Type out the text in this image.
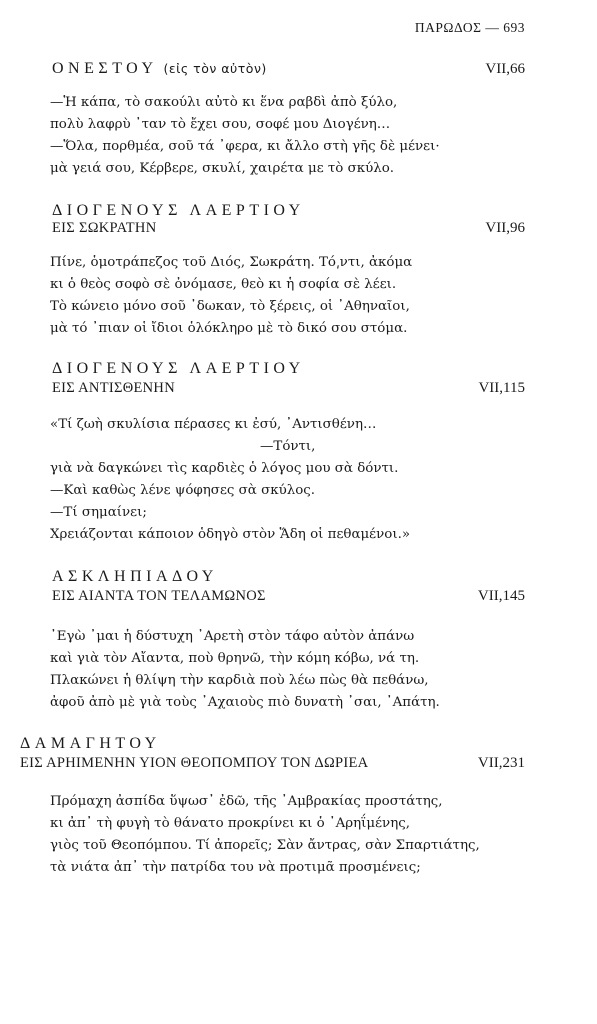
ΠΑΡΩΔΟΣ — 693
ΟΝΕΣΤΟΥ (εἰς τὸν αὐτὸν)	VII,66
—Ἡ κάπα, τὸ σακούλι αὐτὸ κι ἕνα ραβδὶ ἀπὸ ξύλο,
πολὺ λαφρὺ ᾽ταν τὸ ἔχει σου, σοφέ μου Διογένη…
—Ὅλα, πορθμέα, σοῦ τά ᾽φερα, κι ἄλλο στὴ γῆς δὲ μένει·
μὰ γειά σου, Κέρβερε, σκυλί, χαιρέτα με τὸ σκύλο.
ΔΙΟΓΕΝΟΥΣ ΛΑΕΡΤΙΟΥ
ΕΙΣ ΣΩΚΡΑΤΗΝ	VII,96
Πίνε, ὁμοτράπεζος τοῦ Διός, Σωκράτη. Τό͵ντι, ἀκόμα
κι ὁ θεὸς σοφὸ σὲ ὀνόμασε, θεὸ κι ἡ σοφία σὲ λέει.
Τὸ κώνειο μόνο σοῦ ᾽δωκαν, τὸ ξέρεις, οἱ ᾽Αθηναῖοι,
μὰ τό ᾽πιαν οἱ ἴδιοι ὁλόκληρο μὲ τὸ δικό σου στόμα.
ΔΙΟΓΕΝΟΥΣ ΛΑΕΡΤΙΟΥ
ΕΙΣ ΑΝΤΙΣΘΕΝΗΝ	VII,115
«Τί ζωὴ σκυλίσια πέρασες κι ἐσύ, ᾽Αντισθένη…
—Τόντι,
γιὰ νὰ δαγκώνει τὶς καρδιὲς ὁ λόγος μου σὰ δόντι.
—Καὶ καθὼς λένε ψόφησες σὰ σκύλος.
—Τί σημαίνει;
Χρειάζονται κάποιον ὁδηγὸ στὸν Ἅδη οἱ πεθαμένοι.»
ΑΣΚΛΗΠΙΑΔΟΥ
ΕΙΣ ΑΙΑΝΤΑ ΤΟΝ ΤΕΛΑΜΩΝΟΣ	VII,145
᾽Εγὼ ᾽μαι ἡ δύστυχη ᾽Αρετὴ στὸν τάφο αὐτὸν ἀπάνω
καὶ γιὰ τὸν Αἴαντα, ποὺ θρηνῶ, τὴν κόμη κόβω, νά τη.
Πλακώνει ἡ θλίψη τὴν καρδιὰ ποὺ λέω πὼς θὰ πεθάνω,
ἀφοῦ ἀπὸ μὲ γιὰ τοὺς ᾽Αχαιοὺς πιὸ δυνατὴ ᾽σαι, ᾽Απάτη.
ΔΑΜΑΓΗΤΟΥ
ΕΙΣ ΑΡΗΙΜΕΝΗΝ ΥΙΟΝ ΘΕΟΠΟΜΠΟΥ ΤΟΝ ΔΩΡΙΕΑ	VII,231
Πρόμαχη ἀσπίδα ὕψωσ᾽ ἐδῶ, τῆς ᾽Αμβρακίας προστάτης,
κι ἀπ᾽ τὴ φυγὴ τὸ θάνατο προκρίνει κι ὁ ᾽Αρηΐμένης,
γιὸς τοῦ Θεοπόμπου. Τί ἀπορεῖς; Σὰν ἄντρας, σὰν Σπαρτιάτης,
τὰ νιάτα ἀπ᾽ τὴν πατρίδα του νὰ προτιμᾶ προσμένεις;
